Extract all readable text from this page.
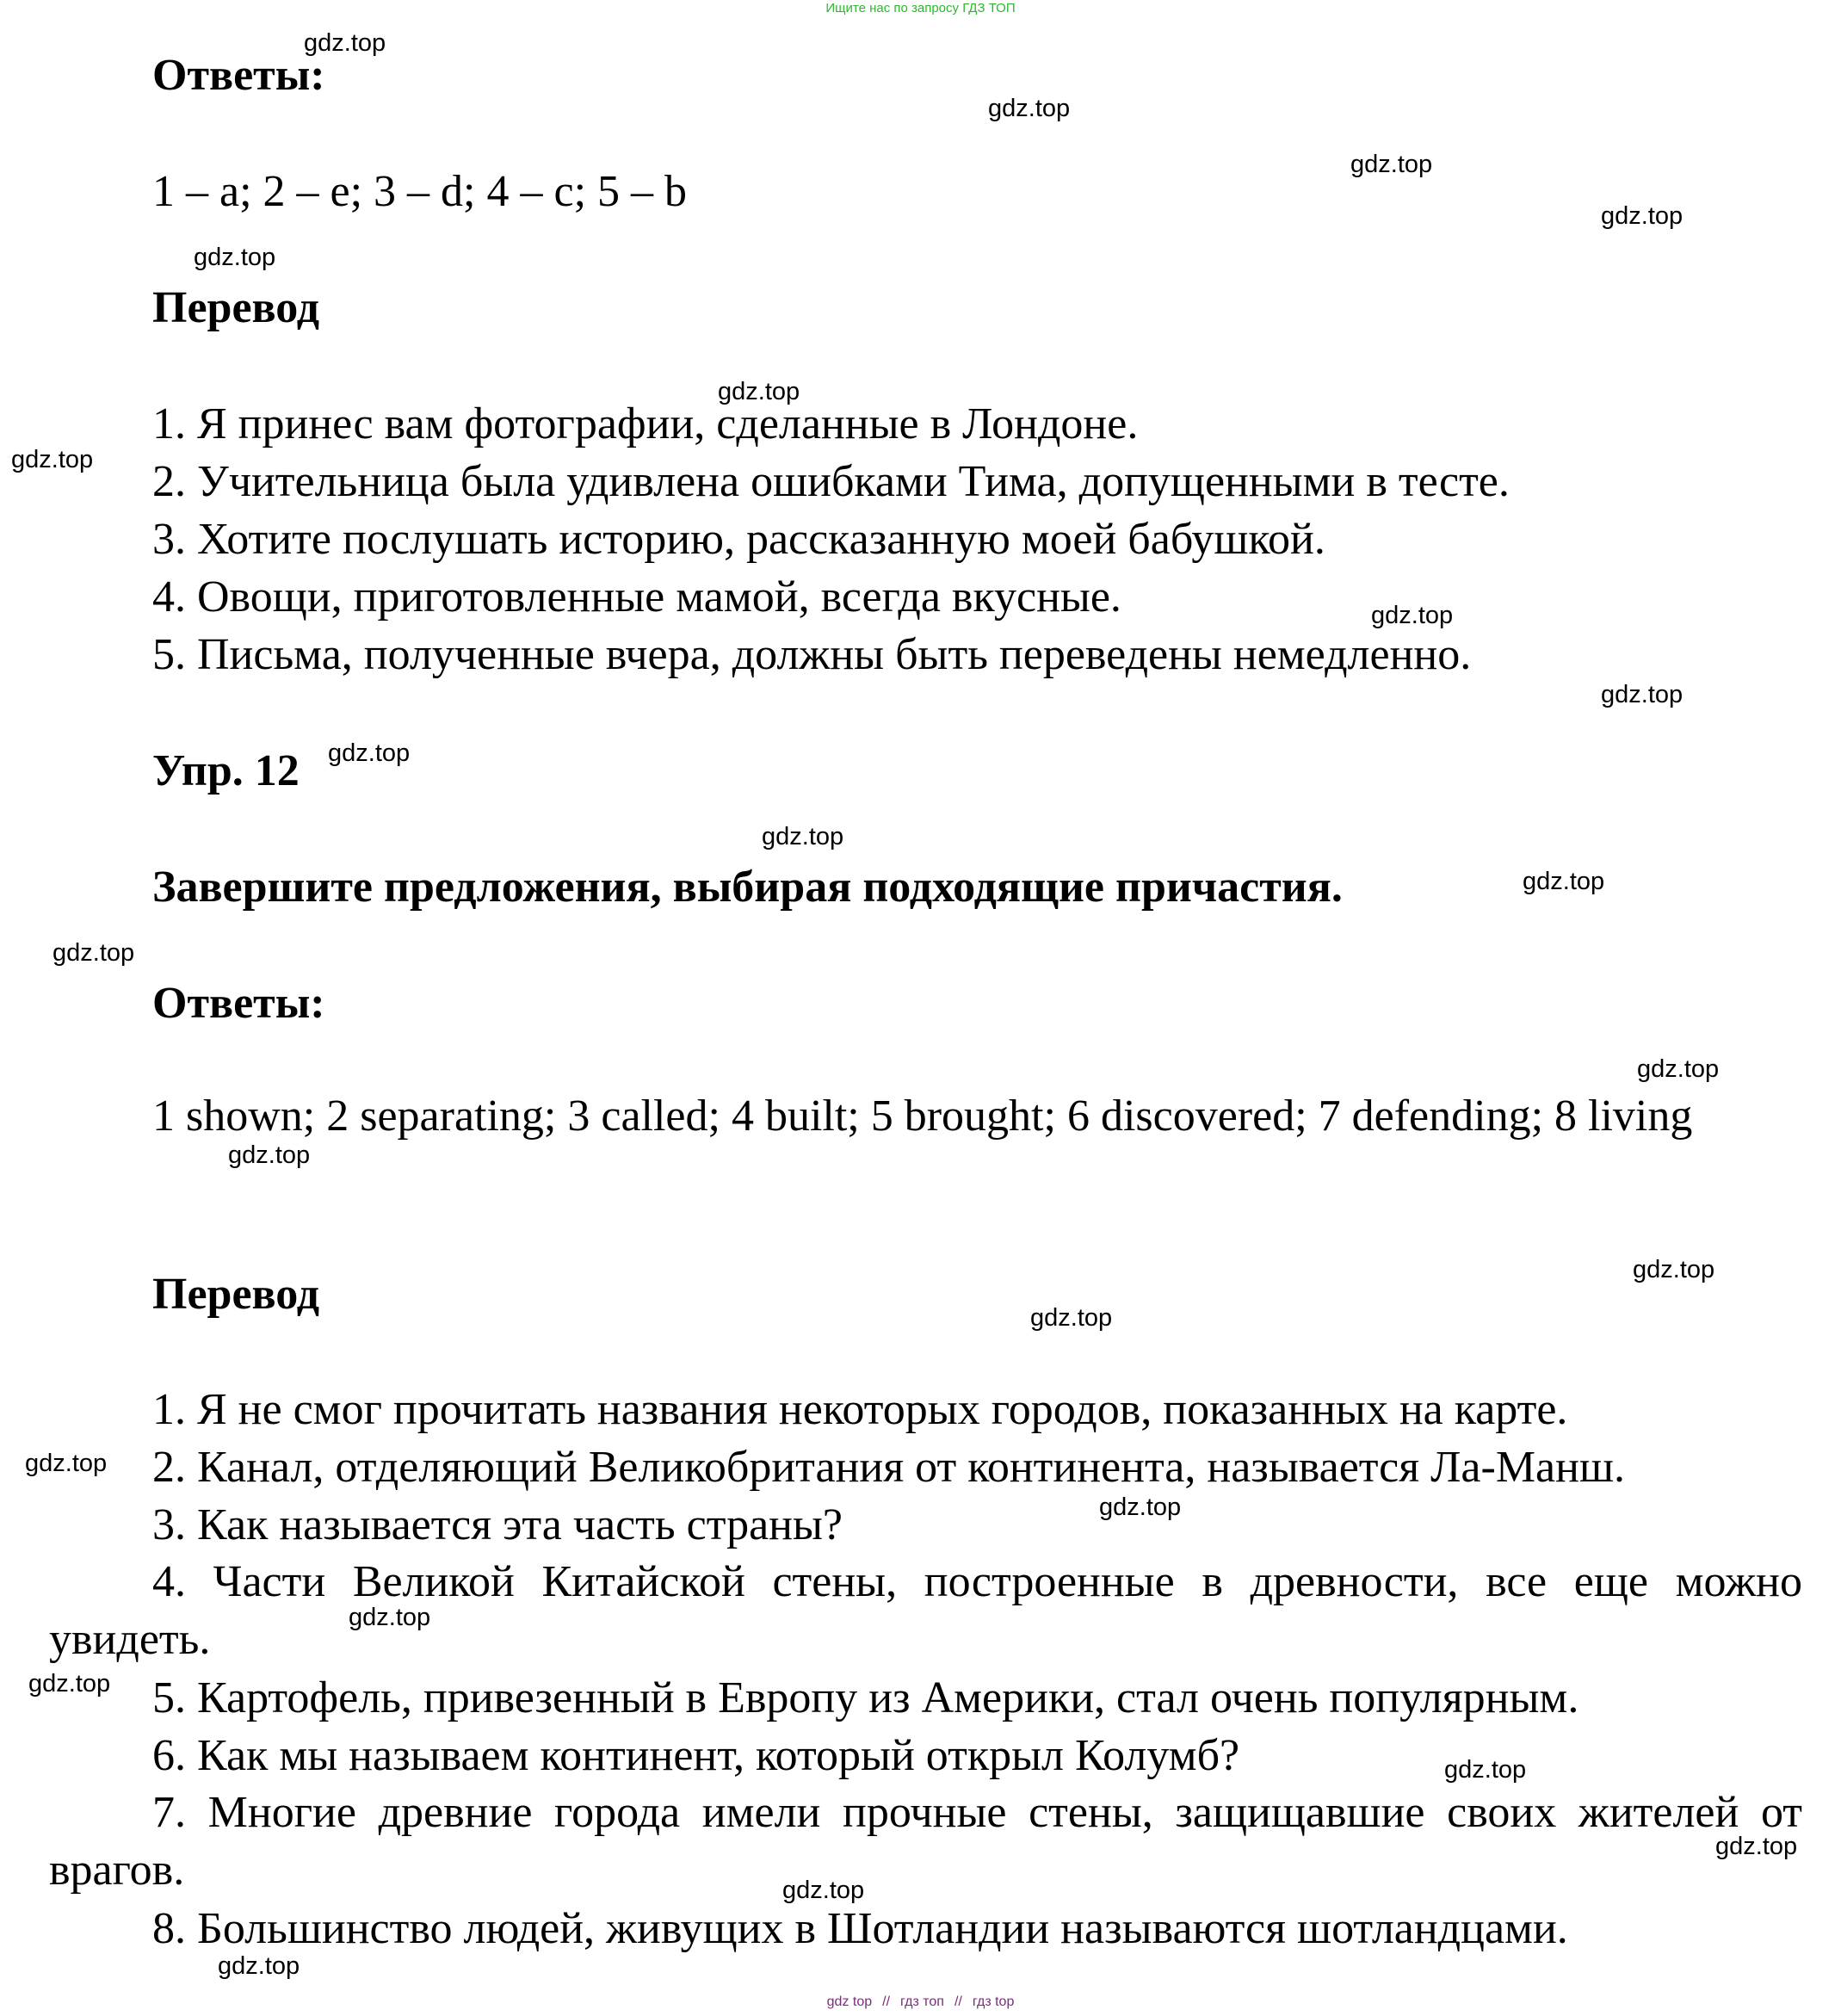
Ищите нас по запросу ГДЗ ТОП
Ответы:
1 – a; 2 – e; 3 – d; 4 – c; 5 – b
Перевод
1. Я принес вам фотографии, сделанные в Лондоне.
2. Учительница была удивлена ошибками Тима, допущенными в тесте.
3. Хотите послушать историю, рассказанную моей бабушкой.
4. Овощи, приготовленные мамой, всегда вкусные.
5. Письма, полученные вчера, должны быть переведены немедленно.
Упр. 12
Завершите предложения, выбирая подходящие причастия.
Ответы:
1 shown; 2 separating; 3 called; 4 built; 5 brought; 6 discovered; 7 defending; 8 living
Перевод
1. Я не смог прочитать названия некоторых городов, показанных на карте.
2. Канал, отделяющий Великобритания от континента, называется Ла-Манш.
3. Как называется эта часть страны?
4. Части Великой Китайской стены, построенные в древности, все еще можно увидеть.
5. Картофель, привезенный в Европу из Америки, стал очень популярным.
6. Как мы называем континент, который открыл Колумб?
7. Многие древние города имели прочные стены, защищавшие своих жителей от врагов.
8. Большинство людей, живущих в Шотландии называются шотландцами.
gdz.top
gdz.top
gdz.top
gdz.top
gdz.top
gdz.top
gdz.top
gdz.top
gdz.top
gdz.top
gdz.top
gdz.top
gdz.top
gdz.top
gdz.top
gdz.top
gdz.top
gdz.top
gdz.top
gdz.top
gdz.top
gdz.top
gdz.top
gdz.top
gdz.top
gdz top // гдз топ // гдз top
